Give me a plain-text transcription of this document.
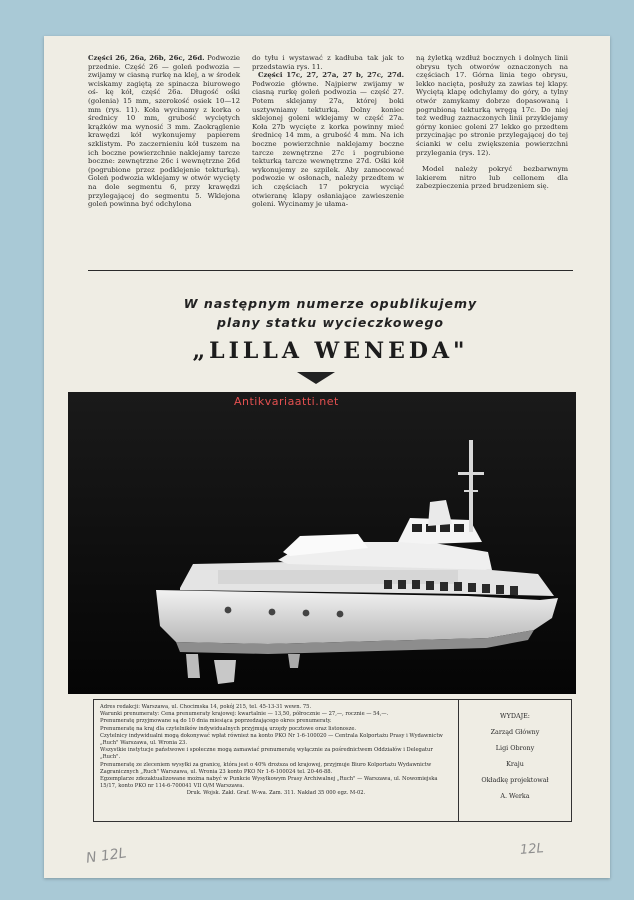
Części 26, 26a, 26b, 26c, 26d. Podwozie przednie. Część 26 — goleń podwozia — zwijamy w ciasną rurkę na klej, a w środek wciskamy zagiętą ze spinacza biurowego oś- kę kół, część 26a. Długość ośki (golenia) 15 mm, szerokość osiek 10—12 mm (rys. 11). Koła wycinamy z korka o średnicy 10 mm, grubość wyciętych krążków ma wynosić 3 mm. Zaokrąglenie krawędzi kół wykonujemy papierem szklistym. Po zaczernieniu kół tuszem na ich boczne powierzchnie naklejamy tarcze boczne: zewnętrzne 26c i wewnętrzne 26d (pogrubione przez podklejenie tekturką). Goleń podwozia wklejamy w otwór wycięty na dole segmentu 6, przy krawędzi przylegającej do segmentu 5. Wklejona goleń powinna być odchylona

do tyłu i wystawać z kadłuba tak jak to przedstawia rys. 11.

Części 17c, 27, 27a, 27 b, 27c, 27d. Podwozie główne. Najpierw zwijamy w ciasną rurkę goleń podwozia — część 27. Potem sklejamy 27a, której boki usztywniamy tekturką. Dolny koniec sklejonej goleni wklejamy w część 27a. Koła 27b wycięte z korka powinny mieć średnicę 14 mm, a grubość 4 mm. Na ich boczne powierzchnie naklejamy boczne tarcze zewnętrzne 27c i pogrubione tekturką tarcze wewnętrzne 27d. Ośki kół wykonujemy ze szpilek. Aby zamocować podwozie w osłonach, należy przedtem w ich częściach 17 pokrycia wyciąć otwieranę klapy osłaniające zawieszenie goleni. Wycinamy je ułama-

ną żyletką wzdłuż bocznych i dolnych linii obrysu tych otworów oznaczonych na częściach 17. Górna linia tego obrysu, lekko nacięta, posłuży za zawias tej klapy. Wyciętą klapę odchylamy do góry, a tylny otwór zamykamy dobrze dopasowaną i pogrubioną tekturką wręgą 17c. Do niej też według zaznaczonych linii przyklejamy górny koniec goleni 27 lekko go przedtem przycinając po stronie przylegającej do tej ścianki w celu zwiększenia powierzchni przylegania (rys. 12).

Model należy pokryć bezbarwnym lakierem nitro lub cellonem dla zabezpieczenia przed brudzeniem się.

W następnym numerze opublikujemy
plany statku wycieczkowego
„LILLA WENEDA"
Antikvariaatti.net

Adres redakcji: Warszawa, ul. Chocimska 14, pokój 215, tel. 45-13-31 wewn. 75.

Warunki prenumeraty: Cena prenumeraty krajowej: kwartalnie — 13,50, półrocznie — 27,—, rocznie — 54,—.

Prenumeratę przyjmowane są do 10 dnia miesiąca poprzedzającego okres prenumeraty.

Prenumeratę na kraj dla czytelników indywidualnych przyjmują urzędy pocztowe oraz listonosze.

Czytelnicy indywidualni mogą dokonywać wpłat również na konto PKO Nr 1-6-100020 — Centrala Kolportażu Prasy i Wydawnictw „Ruch" Warszawa, ul. Wronia 23.

Wszystkie instytucje państwowe i społeczne mogą zamawiać prenumeratę wyłącznie za pośrednictwem Oddziałów i Delegatur „Ruch".

Prenumeratę ze zleceniem wysyłki za granicę, która jest o 40% droższa od krajowej, przyjmuje Biuro Kolportażu Wydawnictw Zagranicznych „Ruch" Warszawa, ul. Wronia 23 konto PKO Nr 1-6-100024 tel. 20-46-88.

Egzemplarze zdezaktualizowane można nabyć w Punkcie Wysyłkowym Prasy Archiwalnej „Ruch" — Warszawa, ul. Nowomiejska 15/17, konto PKO nr 114-6-700041 VII O/M Warszawa.

Druk. Wojsk. Zakł. Graf. W-wa. Zam. 311. Nakład 35 000 egz. M-02.

WYDAJE:
Zarząd Główny
Ligi Obrony
Kraju
Okładkę projektował
A. Werka
N 12L	12L
